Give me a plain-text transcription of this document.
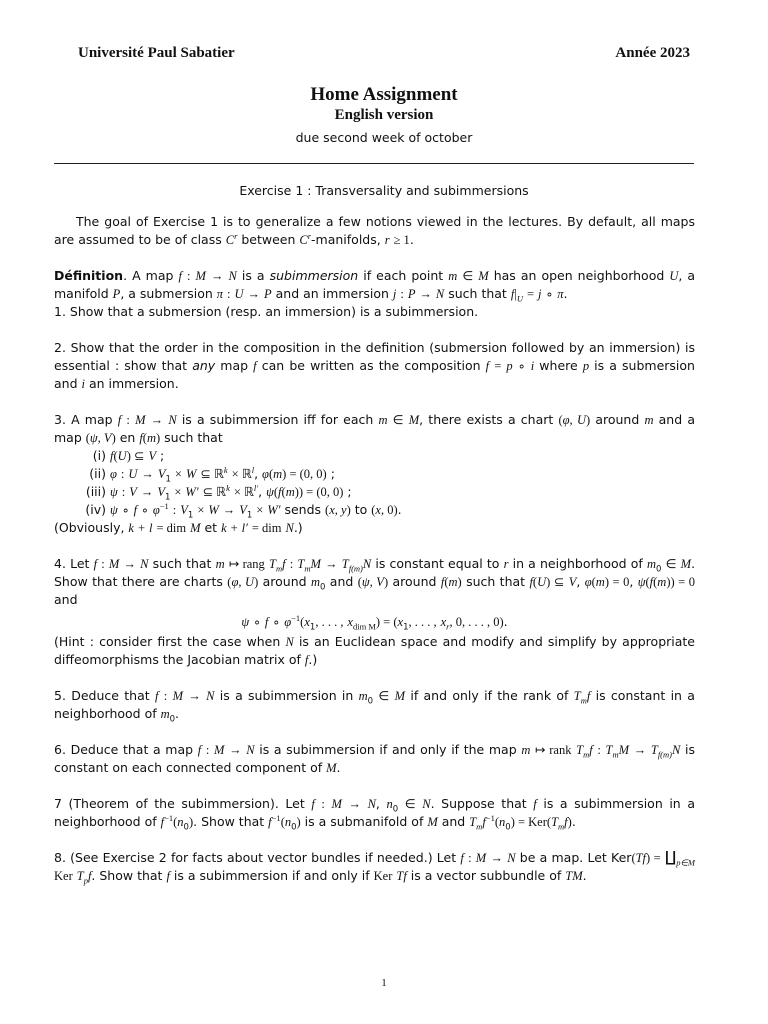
Université Paul Sabatier	Année 2023
Home Assignment
English version
due second week of october
Exercise 1 : Transversality and subimmersions

The goal of Exercise 1 is to generalize a few notions viewed in the lectures. By default, all maps are assumed to be of class $C^r$ between $C^r$-manifolds, r ≥ 1.

Définition. A map f : M → N is a subimmersion if each point m ∈ M has an open neighborhood U, a manifold P, a submersion π : U → P and an immersion j : P → N such that $f|_U = j$ ∘ π.

1. Show that a submersion (resp. an immersion) is a subimmersion.

2. Show that the order in the composition in the definition (submersion followed by an immersion) is essential : show that any map f can be written as the composition f = p ∘ i where p is a submersion and i an immersion.

3. A map f : M → N is a subimmersion iff for each m ∈ M, there exists a chart (φ, U) around m and a map (ψ, V) en f(m) such that

(i) f(U) ⊆ V ;
(ii) φ : $U \to V_1 \times W$ ⊆ ℝ$^k$ × ℝ$^l$, φ(m) = (0, 0) ;
(iii) ψ : $V \to V_1 \times W'$ ⊆ ℝ$^k$ × ℝ$^{l'}$, ψ(f(m)) = (0, 0) ;
(iv) ψ ∘ f ∘ $\varphi^{-1}$ : $V_1 \times W \to V_1 \times W'$ sends (x, y) to (x, 0).

(Obviously, k + l = dim M et k + l′ = dim N.)

4. Let f : M → N such that m ↦ rang $T_mf$ : $T_mM \to T_{f(m)}N$ is constant equal to r in a neighborhood of $m_0$ ∈ M. Show that there are charts (φ, U) around $m_0$ and (ψ, V) around f(m) such that f(U) ⊆ V, φ(m) = 0, ψ(f(m)) = 0 and

ψ ∘ f ∘ $\varphi^{-1}(x_1$, . . . , $x_{dim M}) = (x_1$, . . . , $x_r$, 0, . . . , 0).

(Hint : consider first the case when N is an Euclidean space and modify and simplify by appropriate diffeomorphisms the Jacobian matrix of f.)

5. Deduce that f : M → N is a subimmersion in $m_0$ ∈ M if and only if the rank of $T_mf$ is constant in a neighborhood of $m_0$.

6. Deduce that a map f : M → N is a subimmersion if and only if the map m ↦ rank $T_mf$ : $T_mM \to T_{f(m)}N$ is constant on each connected component of M.

7 (Theorem of the subimmersion). Let f : M → N, $n_0$ ∈ N. Suppose that f is a subimmersion in a neighborhood of $f^{-1}(n_0)$. Show that $f^{-1}(n_0)$ is a submanifold of M and $T_mf^{-1}(n_0) = Ker(T_mf)$.

8. (See Exercise 2 for facts about vector bundles if needed.) Let f : M → N be a map. Let $Ker(Tf) = ∐_{p\in M}$ Ker $T_pf$. Show that f is a subimmersion if and only if Ker Tf is a vector subbundle of TM.

1
